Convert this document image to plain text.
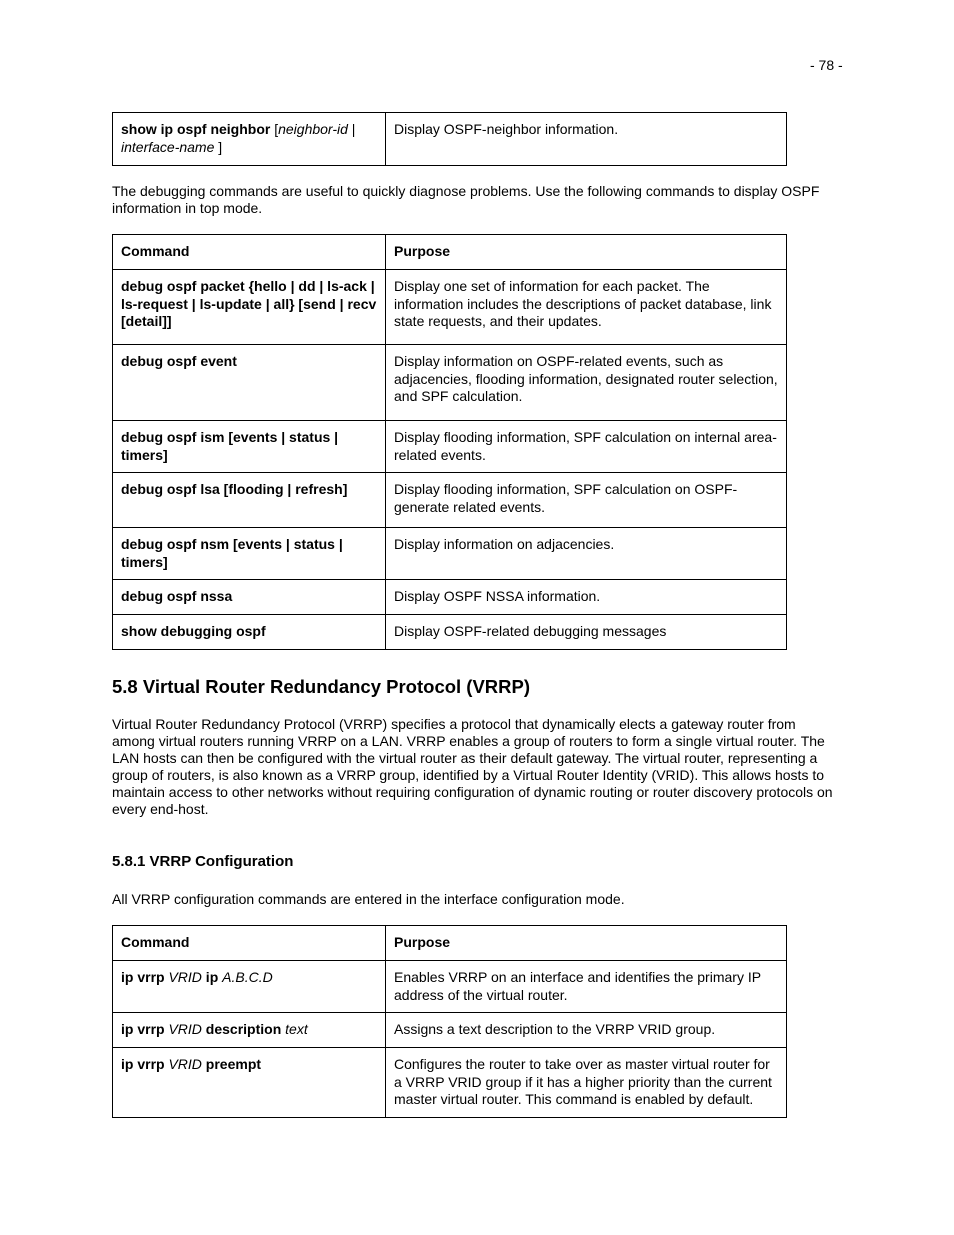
- 78 -
show ip ospf neighbor [neighbor-id |
interface-name ]	Display OSPF-neighbor information.
The debugging commands are useful to quickly diagnose problems. Use the following commands to display OSPF information in top mode.
Command	Purpose
debug ospf packet {hello | dd | ls-ack | ls-request | ls-update | all} [send | recv [detail]]	Display one set of information for each packet. The information includes the descriptions of packet database, link state requests, and their updates.
debug ospf event	Display information on OSPF-related events, such as adjacencies, flooding information, designated router selection, and SPF calculation.
debug ospf ism [events | status | timers]	Display flooding information, SPF calculation on internal area-related events.
debug ospf lsa [flooding | refresh]	Display flooding information, SPF calculation on OSPF-generate related events.
debug ospf nsm [events | status | timers]	Display information on adjacencies.
debug ospf nssa	Display OSPF NSSA information.
show debugging ospf	Display OSPF-related debugging messages
5.8 Virtual Router Redundancy Protocol (VRRP)
Virtual Router Redundancy Protocol (VRRP) specifies a protocol that dynamically elects a gateway router from among virtual routers running VRRP on a LAN. VRRP enables a group of routers to form a single virtual router. The LAN hosts can then be configured with the virtual router as their default gateway. The virtual router, representing a group of routers, is also known as a VRRP group, identified by a Virtual Router Identity (VRID). This allows hosts to maintain access to other networks without requiring configuration of dynamic routing or router discovery protocols on every end-host.
5.8.1 VRRP Configuration
All VRRP configuration commands are entered in the interface configuration mode.
Command	Purpose
ip vrrp VRID ip A.B.C.D	Enables VRRP on an interface and identifies the primary IP address of the virtual router.
ip vrrp VRID description text	Assigns a text description to the VRRP VRID group.
ip vrrp VRID preempt	Configures the router to take over as master virtual router for a VRRP VRID group if it has a higher priority than the current master virtual router. This command is enabled by default.
